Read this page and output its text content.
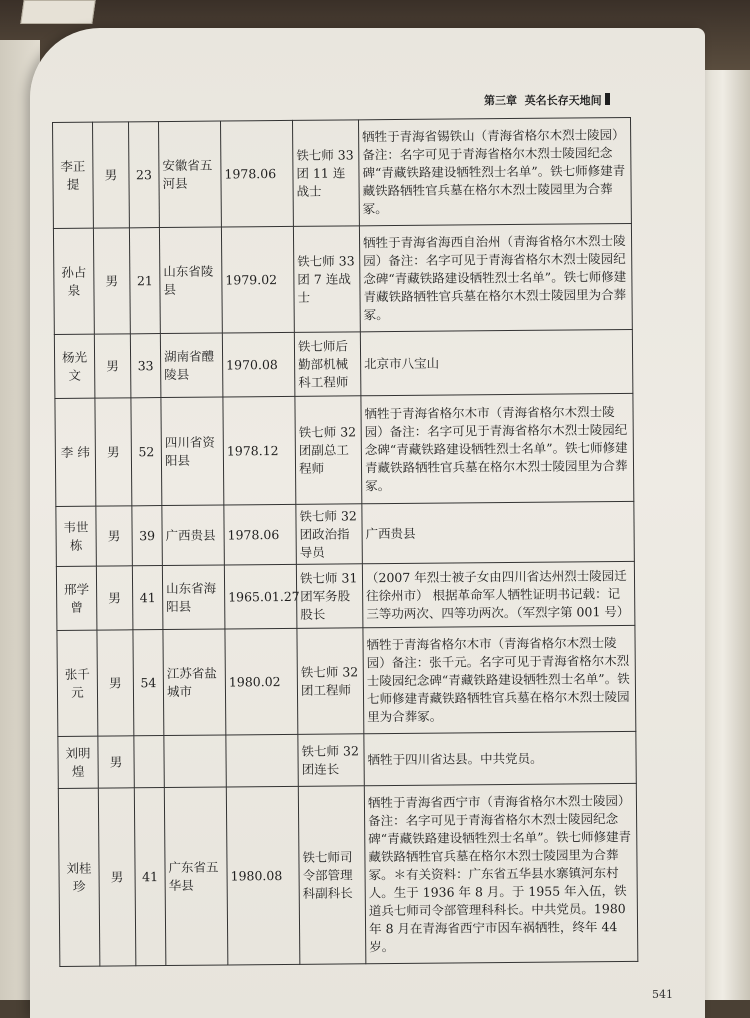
第三章 英名长存天地间
李正提	男	23	安徽省五河县	1978.06	铁七师 33 团 11 连战士	牺牲于青海省锡铁山（青海省格尔木烈士陵园）备注：名字可见于青海省格尔木烈士陵园纪念碑“青藏铁路建设牺牲烈士名单”。铁七师修建青藏铁路牺牲官兵墓在格尔木烈士陵园里为合葬冢。
孙占泉	男	21	山东省陵县	1979.02	铁七师 33 团 7 连战士	牺牲于青海省海西自治州（青海省格尔木烈士陵园）备注：名字可见于青海省格尔木烈士陵园纪念碑“青藏铁路建设牺牲烈士名单”。铁七师修建青藏铁路牺牲官兵墓在格尔木烈士陵园里为合葬冢。
杨光文	男	33	湖南省醴陵县	1970.08	铁七师后勤部机械科工程师	北京市八宝山
李 纬	男	52	四川省资阳县	1978.12	铁七师 32 团副总工程师	牺牲于青海省格尔木市（青海省格尔木烈士陵园）备注：名字可见于青海省格尔木烈士陵园纪念碑“青藏铁路建设牺牲烈士名单”。铁七师修建青藏铁路牺牲官兵墓在格尔木烈士陵园里为合葬冢。
韦世栋	男	39	广西贵县	1978.06	铁七师 32 团政治指导员	广西贵县
邢学曾	男	41	山东省海阳县	1965.01.27	铁七师 31 团军务股股长	（2007 年烈士被子女由四川省达州烈士陵园迁往徐州市） 根据革命军人牺牲证明书记载：记三等功两次、四等功两次。（军烈字第 001 号）
张千元	男	54	江苏省盐城市	1980.02	铁七师 32 团工程师	牺牲于青海省格尔木市（青海省格尔木烈士陵园）备注：张千元。名字可见于青海省格尔木烈士陵园纪念碑“青藏铁路建设牺牲烈士名单”。铁七师修建青藏铁路牺牲官兵墓在格尔木烈士陵园里为合葬冢。
刘明煌	男				铁七师 32 团连长	牺牲于四川省达县。中共党员。
刘桂珍	男	41	广东省五华县	1980.08	铁七师司令部管理科副科长	牺牲于青海省西宁市（青海省格尔木烈士陵园）备注：名字可见于青海省格尔木烈士陵园纪念碑“青藏铁路建设牺牲烈士名单”。铁七师修建青藏铁路牺牲官兵墓在格尔木烈士陵园里为合葬冢。＊有关资料：广东省五华县水寨镇河东村人。生于 1936 年 8 月。于 1955 年入伍，铁道兵七师司令部管理科科长。中共党员。1980 年 8 月在青海省西宁市因车祸牺牲，终年 44 岁。
541
